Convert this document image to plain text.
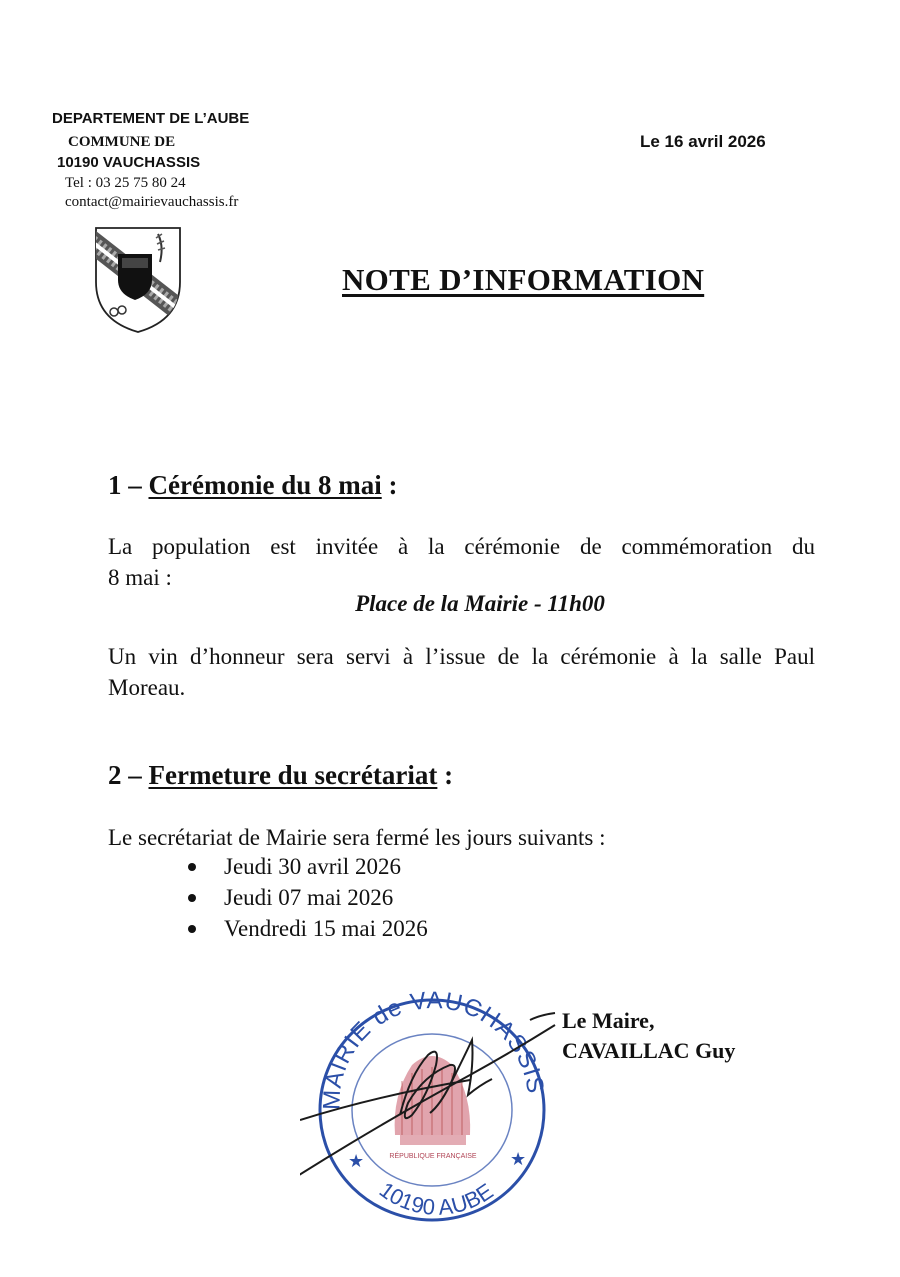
DEPARTEMENT DE L’AUBE
COMMUNE DE
10190 VAUCHASSIS
Tel : 03 25 75 80 24
contact@mairievauchassis.fr
Le 16 avril 2026
NOTE D’INFORMATION
1 – Cérémonie du 8 mai :
La population est invitée à la cérémonie de commémoration du
8 mai :
Place de la Mairie - 11h00
Un vin d’honneur sera servi à l’issue de la cérémonie à la salle Paul
Moreau.
2 – Fermeture du secrétariat :
Le secrétariat de Mairie sera fermé les jours suivants :
Jeudi 30 avril 2026
Jeudi 07 mai 2026
Vendredi 15 mai 2026
Le Maire,
CAVAILLAC Guy
RÉPUBLIQUE FRANÇAISE
MAIRIE de VAUCHASSIS
10190 AUBE
★	★
